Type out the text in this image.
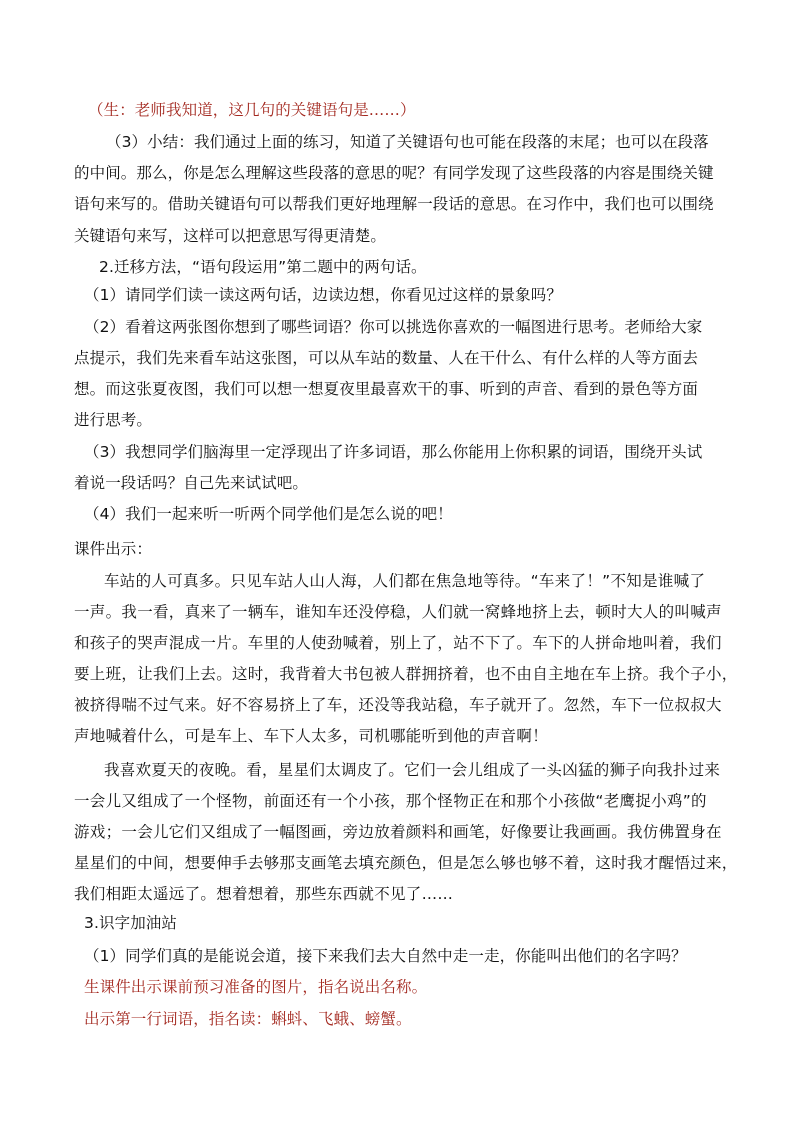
（生：老师我知道，这几句的关键语句是……）
（3）小结：我们通过上面的练习，知道了关键语句也可能在段落的末尾；也可以在段落
的中间。那么，你是怎么理解这些段落的意思的呢？有同学发现了这些段落的内容是围绕关键
语句来写的。借助关键语句可以帮我们更好地理解一段话的意思。在习作中，我们也可以围绕
关键语句来写，这样可以把意思写得更清楚。
2.迁移方法，“语句段运用”第二题中的两句话。
（1）请同学们读一读这两句话，边读边想，你看见过这样的景象吗？
（2）看着这两张图你想到了哪些词语？你可以挑选你喜欢的一幅图进行思考。老师给大家
点提示，我们先来看车站这张图，可以从车站的数量、人在干什么、有什么样的人等方面去
想。而这张夏夜图，我们可以想一想夏夜里最喜欢干的事、听到的声音、看到的景色等方面
进行思考。
（3）我想同学们脑海里一定浮现出了许多词语，那么你能用上你积累的词语，围绕开头试
着说一段话吗？自己先来试试吧。
（4）我们一起来听一听两个同学他们是怎么说的吧！
课件出示：
车站的人可真多。只见车站人山人海，人们都在焦急地等待。“车来了！”不知是谁喊了
一声。我一看，真来了一辆车，谁知车还没停稳，人们就一窝蜂地挤上去，顿时大人的叫喊声
和孩子的哭声混成一片。车里的人使劲喊着，别上了，站不下了。车下的人拼命地叫着，我们
要上班，让我们上去。这时，我背着大书包被人群拥挤着，也不由自主地在车上挤。我个子小，
被挤得喘不过气来。好不容易挤上了车，还没等我站稳，车子就开了。忽然，车下一位叔叔大
声地喊着什么，可是车上、车下人太多，司机哪能听到他的声音啊！
我喜欢夏天的夜晚。看，星星们太调皮了。它们一会儿组成了一头凶猛的狮子向我扑过来
一会儿又组成了一个怪物，前面还有一个小孩，那个怪物正在和那个小孩做“老鹰捉小鸡”的
游戏；一会儿它们又组成了一幅图画，旁边放着颜料和画笔，好像要让我画画。我仿佛置身在
星星们的中间，想要伸手去够那支画笔去填充颜色，但是怎么够也够不着，这时我才醒悟过来，
我们相距太遥远了。想着想着，那些东西就不见了……
3.识字加油站
（1）同学们真的是能说会道，接下来我们去大自然中走一走，你能叫出他们的名字吗？
生课件出示课前预习准备的图片，指名说出名称。
出示第一行词语，指名读：蝌蚪、飞蛾、螃蟹。
